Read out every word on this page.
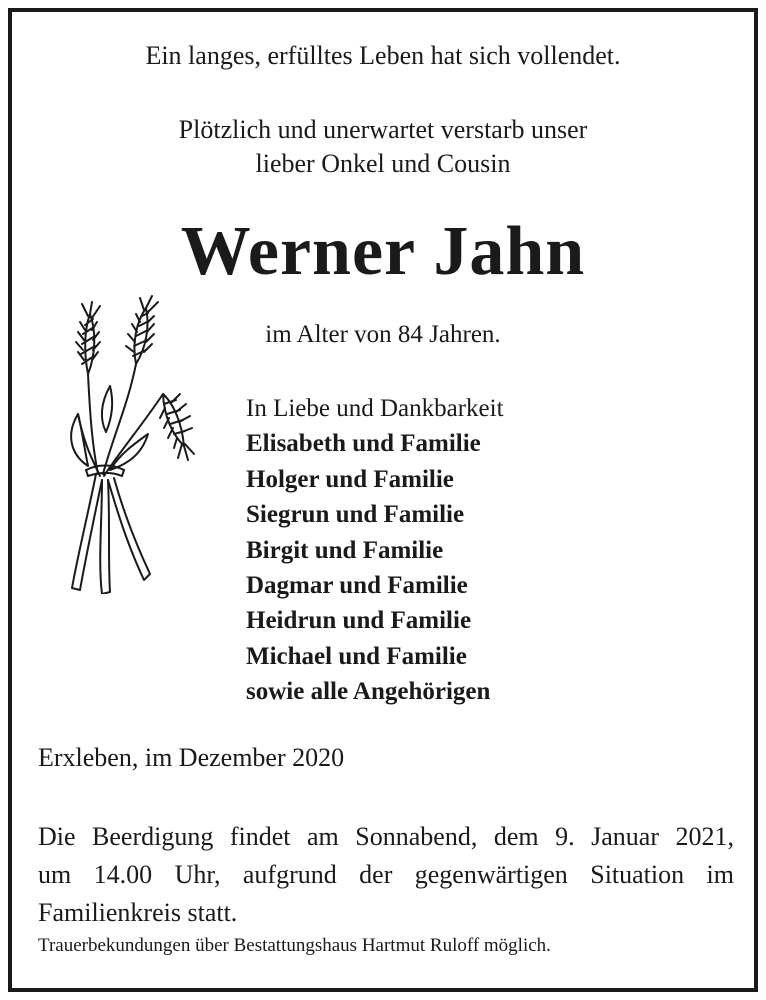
Ein langes, erfülltes Leben hat sich vollendet.
Plötzlich und unerwartet verstarb unser
lieber Onkel und Cousin
Werner Jahn
im Alter von 84 Jahren.
In Liebe und Dankbarkeit
Elisabeth und Familie
Holger und Familie
Siegrun und Familie
Birgit und Familie
Dagmar und Familie
Heidrun und Familie
Michael und Familie
sowie alle Angehörigen
Erxleben, im Dezember 2020
Die Beerdigung findet am Sonnabend, dem 9. Januar 2021,
um 14.00 Uhr, aufgrund der gegenwärtigen Situation im
Familienkreis statt.
Trauerbekundungen über Bestattungshaus Hartmut Ruloff möglich.
